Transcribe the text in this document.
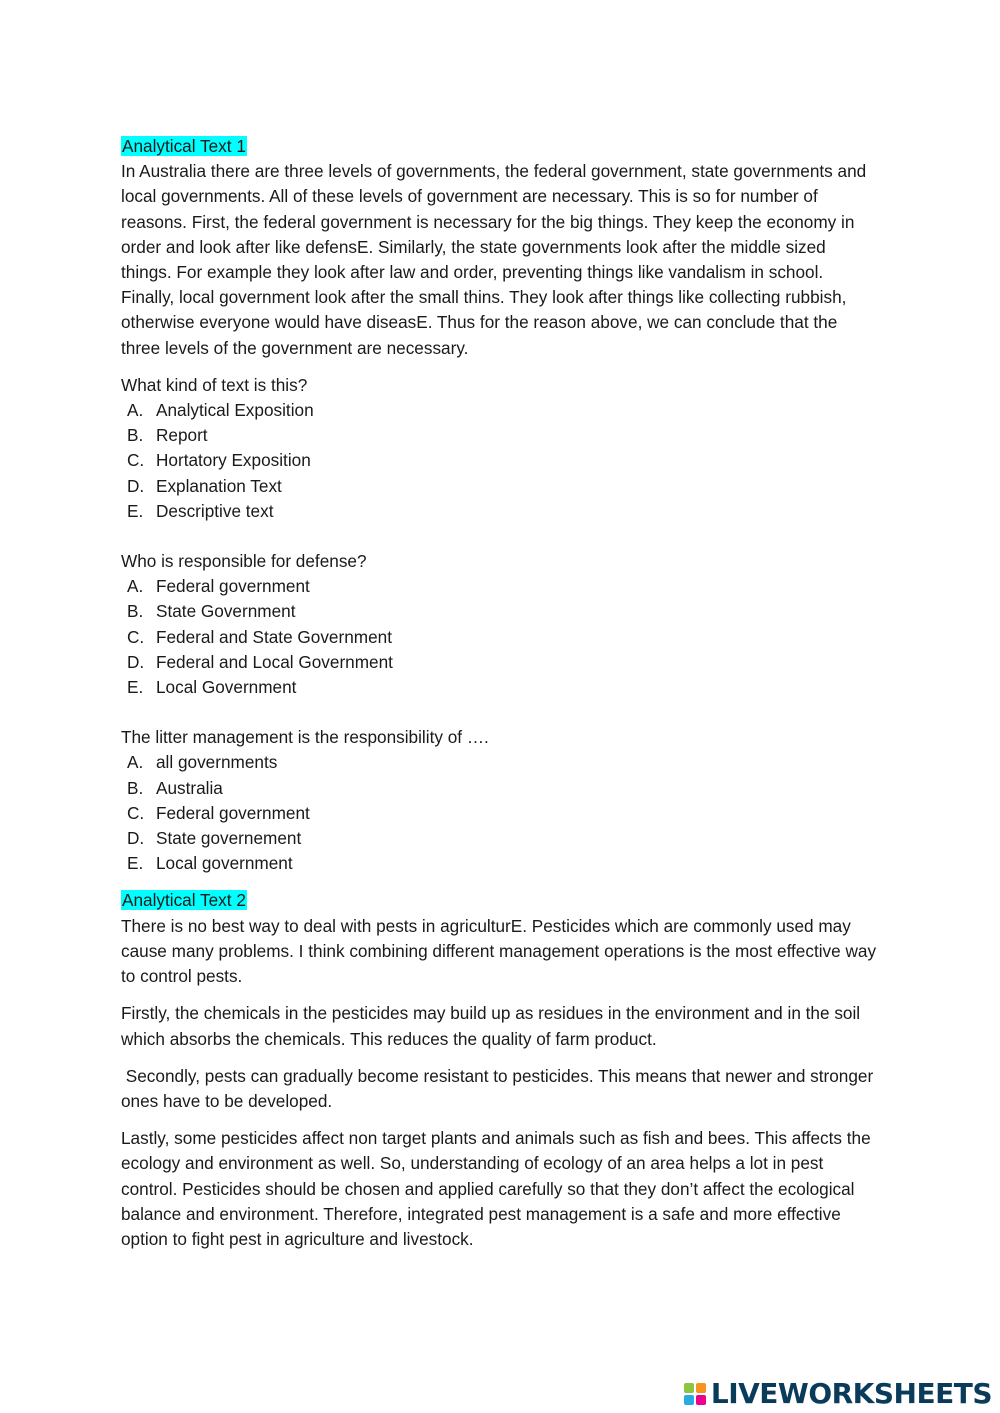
Analytical Text 1

In Australia there are three levels of governments, the federal government, state governments and local governments. All of these levels of government are necessary. This is so for number of reasons. First, the federal government is necessary for the big things. They keep the economy in order and look after like defensE. Similarly, the state governments look after the middle sized things. For example they look after law and order, preventing things like vandalism in school. Finally, local government look after the small thins. They look after things like collecting rubbish, otherwise everyone would have diseasE. Thus for the reason above, we can conclude that the three levels of the government are necessary.

What kind of text is this?

A. Analytical Exposition
B. Report
C. Hortatory Exposition
D. Explanation Text
E. Descriptive text

Who is responsible for defense?

A. Federal government
B. State Government
C. Federal and State Government
D. Federal and Local Government
E. Local Government

The litter management is the responsibility of ….

A. all governments
B. Australia
C. Federal government
D. State governement
E. Local government
Analytical Text 2

There is no best way to deal with pests in agriculturE. Pesticides which are commonly used may cause many problems. I think combining different management operations is the most effective way to control pests.

Firstly, the chemicals in the pesticides may build up as residues in the environment and in the soil which absorbs the chemicals. This reduces the quality of farm product.

Secondly, pests can gradually become resistant to pesticides. This means that newer and stronger ones have to be developed.

Lastly, some pesticides affect non target plants and animals such as fish and bees. This affects the ecology and environment as well. So, understanding of ecology of an area helps a lot in pest control. Pesticides should be chosen and applied carefully so that they don’t affect the ecological balance and environment. Therefore, integrated pest management is a safe and more effective option to fight pest in agriculture and livestock.

LIVEWORKSHEETS
